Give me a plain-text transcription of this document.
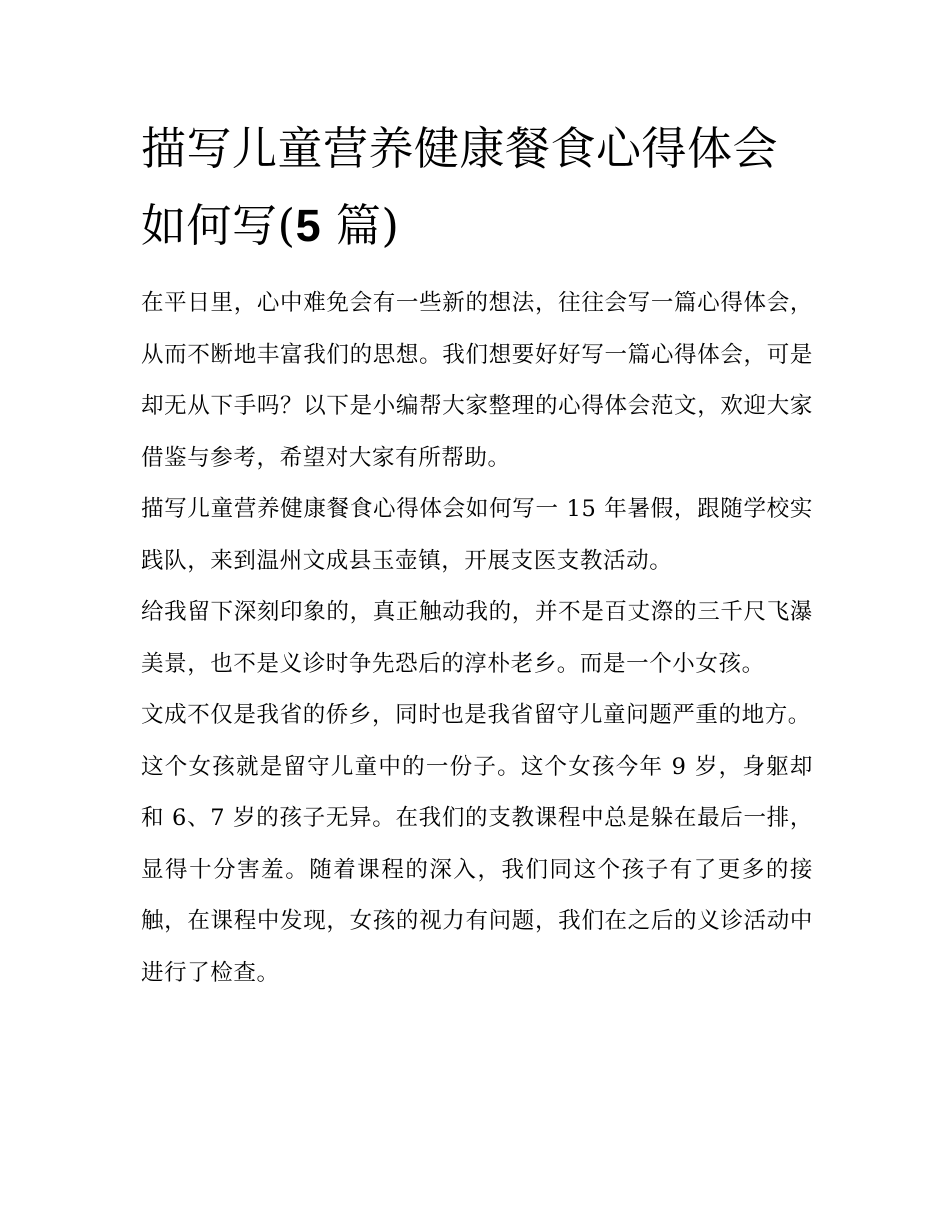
描写儿童营养健康餐食心得体会如何写(5 篇)

在平日里，心中难免会有一些新的想法，往往会写一篇心得体会，从而不断地丰富我们的思想。我们想要好好写一篇心得体会，可是却无从下手吗？以下是小编帮大家整理的心得体会范文，欢迎大家借鉴与参考，希望对大家有所帮助。

描写儿童营养健康餐食心得体会如何写一 15 年暑假，跟随学校实践队，来到温州文成县玉壶镇，开展支医支教活动。

给我留下深刻印象的，真正触动我的，并不是百丈漈的三千尺飞瀑美景，也不是义诊时争先恐后的淳朴老乡。而是一个小女孩。

文成不仅是我省的侨乡，同时也是我省留守儿童问题严重的地方。

这个女孩就是留守儿童中的一份子。这个女孩今年 9 岁，身躯却和 6、7 岁的孩子无异。在我们的支教课程中总是躲在最后一排，显得十分害羞。随着课程的深入，我们同这个孩子有了更多的接触，在课程中发现，女孩的视力有问题，我们在之后的义诊活动中进行了检查。
